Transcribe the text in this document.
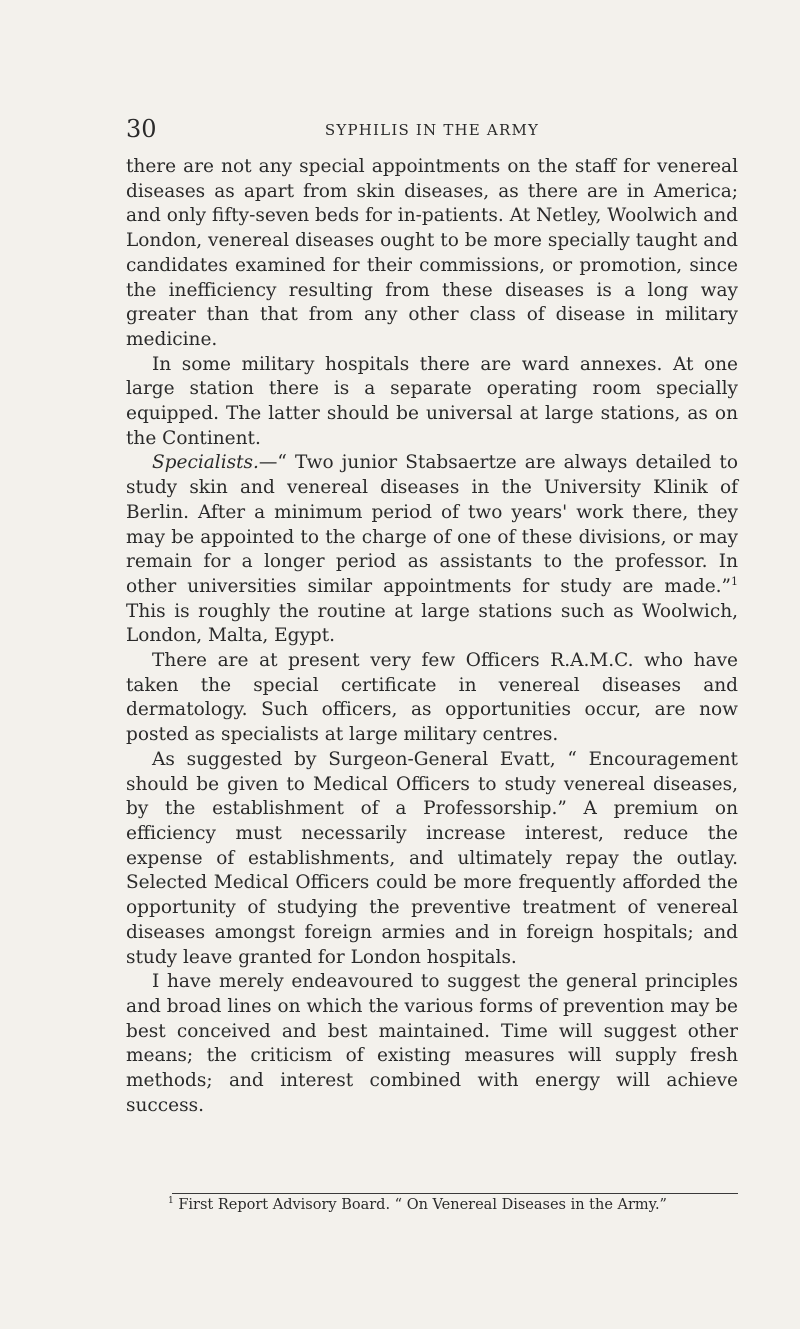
30	SYPHILIS IN THE ARMY

there are not any special appointments on the staff for venereal diseases as apart from skin diseases, as there are in America; and only fifty-seven beds for in-patients. At Netley, Woolwich and London, venereal diseases ought to be more specially taught and candidates examined for their commissions, or promotion, since the inefficiency resulting from these diseases is a long way greater than that from any other class of disease in military medicine.

In some military hospitals there are ward annexes. At one large station there is a separate operating room specially equipped. The latter should be universal at large stations, as on the Continent.

Specialists.—“ Two junior Stabsaertze are always detailed to study skin and venereal diseases in the University Klinik of Berlin. After a minimum period of two years' work there, they may be appointed to the charge of one of these divisions, or may remain for a longer period as assistants to the professor. In other universities similar appointments for study are made.”$^1$ This is roughly the routine at large stations such as Woolwich, London, Malta, Egypt.

There are at present very few Officers R.A.M.C. who have taken the special certificate in venereal diseases and dermatology. Such officers, as opportunities occur, are now posted as specialists at large military centres.

As suggested by Surgeon-General Evatt, “ Encouragement should be given to Medical Officers to study venereal diseases, by the establishment of a Professorship.” A premium on efficiency must necessarily increase interest, reduce the expense of establishments, and ultimately repay the outlay. Selected Medical Officers could be more frequently afforded the opportunity of studying the preventive treatment of venereal diseases amongst foreign armies and in foreign hospitals; and study leave granted for London hospitals.

I have merely endeavoured to suggest the general principles and broad lines on which the various forms of prevention may be best conceived and best maintained. Time will suggest other means; the criticism of existing measures will supply fresh methods; and interest combined with energy will achieve success.

$^1$ First Report Advisory Board. “ On Venereal Diseases in the Army.”
